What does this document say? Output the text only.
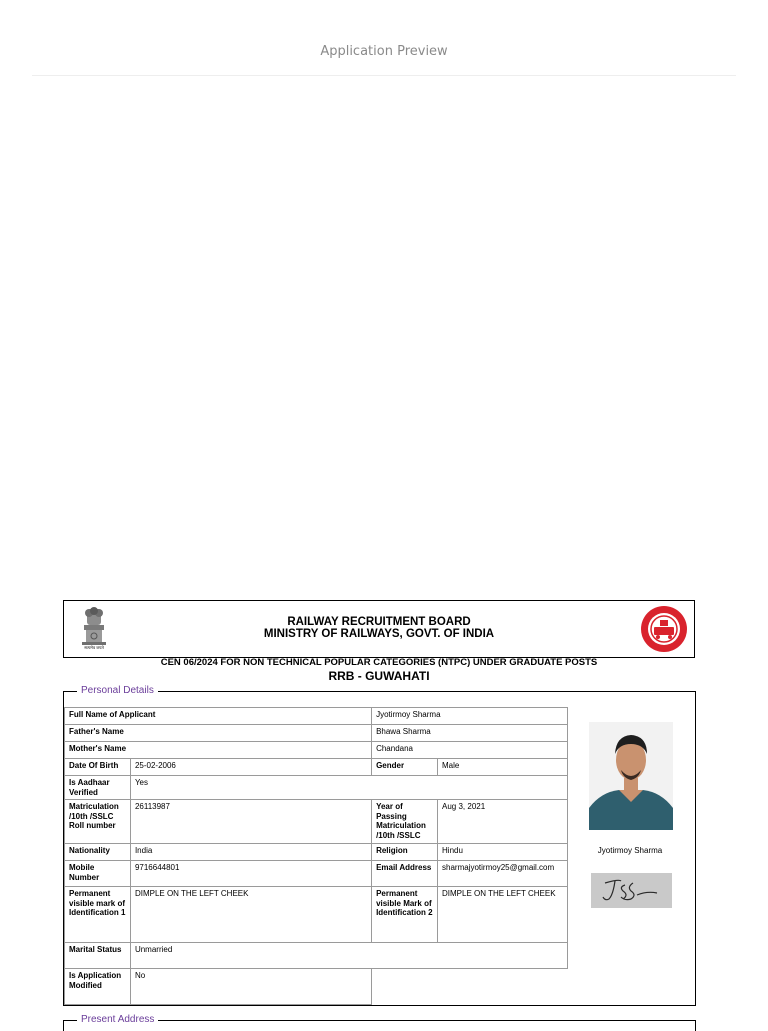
Application Preview
सत्यमेव जयते
RAILWAY RECRUITMENT BOARD
MINISTRY OF RAILWAYS, GOVT. OF INDIA
CEN 06/2024 FOR NON TECHNICAL POPULAR CATEGORIES (NTPC) UNDER GRADUATE POSTS
RRB - GUWAHATI
Personal Details
Full Name of Applicant		Jyotirmoy Sharma	
Father's Name		Bhawa Sharma	
Mother's Name		Chandana	
Date Of Birth	25-02-2006	Gender	Male
Is Aadhaar Verified	Yes		
Matriculation /10th /SSLC Roll number	26113987	Year of Passing Matriculation /10th /SSLC	Aug 3, 2021
Nationality	India	Religion	Hindu
Mobile Number	9716644801	Email Address	sharmajyotirmoy25@gmail.com
Permanent visible mark of Identification 1	DIMPLE ON THE LEFT CHEEK	Permanent visible Mark of Identification 2	DIMPLE ON THE LEFT CHEEK
Marital Status	Unmarried		
Is Application Modified	No		
Jyotirmoy Sharma
Present Address
